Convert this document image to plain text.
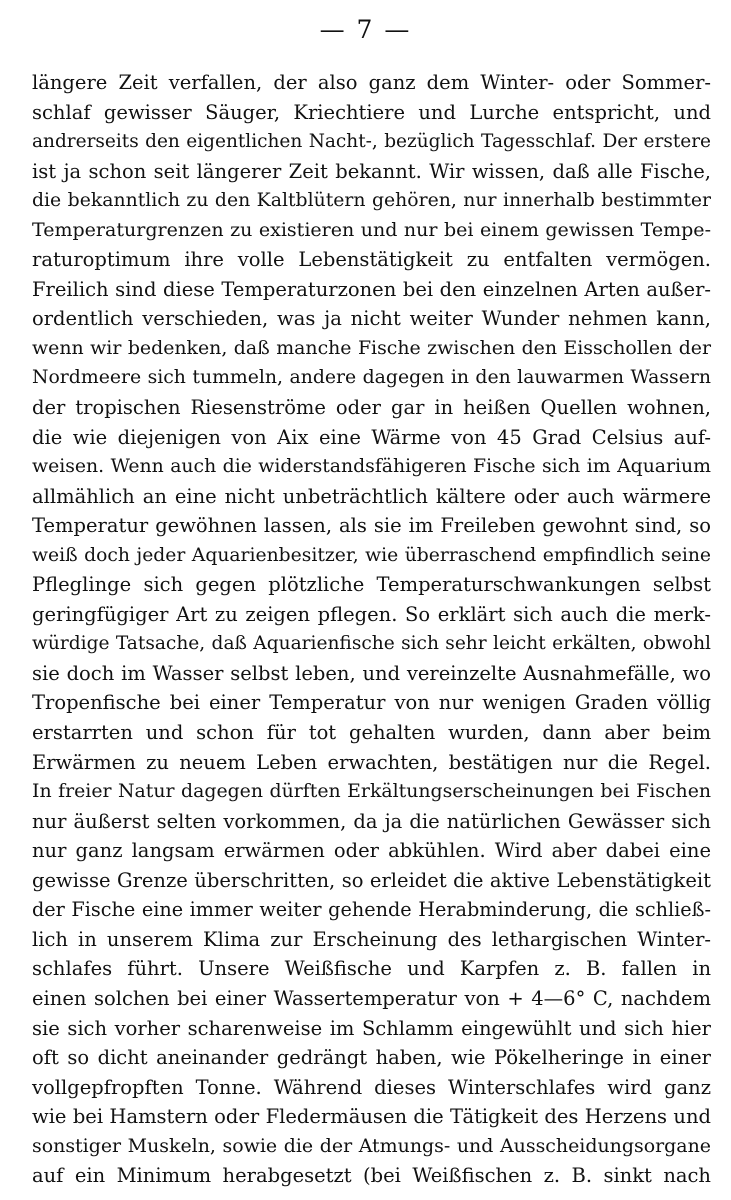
— 7 —
längere Zeit verfallen, der also ganz dem Winter- oder Sommer-
schlaf gewisser Säuger, Kriechtiere und Lurche entspricht, und
andrerseits den eigentlichen Nacht-, bezüglich Tagesschlaf. Der erstere
ist ja schon seit längerer Zeit bekannt. Wir wissen, daß alle Fische,
die bekanntlich zu den Kaltblütern gehören, nur innerhalb bestimmter
Temperaturgrenzen zu existieren und nur bei einem gewissen Tempe-
raturoptimum ihre volle Lebenstätigkeit zu entfalten vermögen.
Freilich sind diese Temperaturzonen bei den einzelnen Arten außer-
ordentlich verschieden, was ja nicht weiter Wunder nehmen kann,
wenn wir bedenken, daß manche Fische zwischen den Eisschollen der
Nordmeere sich tummeln, andere dagegen in den lauwarmen Wassern
der tropischen Riesenströme oder gar in heißen Quellen wohnen,
die wie diejenigen von Aix eine Wärme von 45 Grad Celsius auf-
weisen. Wenn auch die widerstandsfähigeren Fische sich im Aquarium
allmählich an eine nicht unbeträchtlich kältere oder auch wärmere
Temperatur gewöhnen lassen, als sie im Freileben gewohnt sind, so
weiß doch jeder Aquarienbesitzer, wie überraschend empfindlich seine
Pfleglinge sich gegen plötzliche Temperaturschwankungen selbst
geringfügiger Art zu zeigen pflegen. So erklärt sich auch die merk-
würdige Tatsache, daß Aquarienfische sich sehr leicht erkälten, obwohl
sie doch im Wasser selbst leben, und vereinzelte Ausnahmefälle, wo
Tropenfische bei einer Temperatur von nur wenigen Graden völlig
erstarrten und schon für tot gehalten wurden, dann aber beim
Erwärmen zu neuem Leben erwachten, bestätigen nur die Regel.
In freier Natur dagegen dürften Erkältungserscheinungen bei Fischen
nur äußerst selten vorkommen, da ja die natürlichen Gewässer sich
nur ganz langsam erwärmen oder abkühlen. Wird aber dabei eine
gewisse Grenze überschritten, so erleidet die aktive Lebenstätigkeit
der Fische eine immer weiter gehende Herabminderung, die schließ-
lich in unserem Klima zur Erscheinung des lethargischen Winter-
schlafes führt. Unsere Weißfische und Karpfen z. B. fallen in
einen solchen bei einer Wassertemperatur von + 4—6° C, nachdem
sie sich vorher scharenweise im Schlamm eingewühlt und sich hier
oft so dicht aneinander gedrängt haben, wie Pökelheringe in einer
vollgepfropften Tonne. Während dieses Winterschlafes wird ganz
wie bei Hamstern oder Fledermäusen die Tätigkeit des Herzens und
sonstiger Muskeln, sowie die der Atmungs- und Ausscheidungsorgane
auf ein Minimum herabgesetzt (bei Weißfischen z. B. sinkt nach
